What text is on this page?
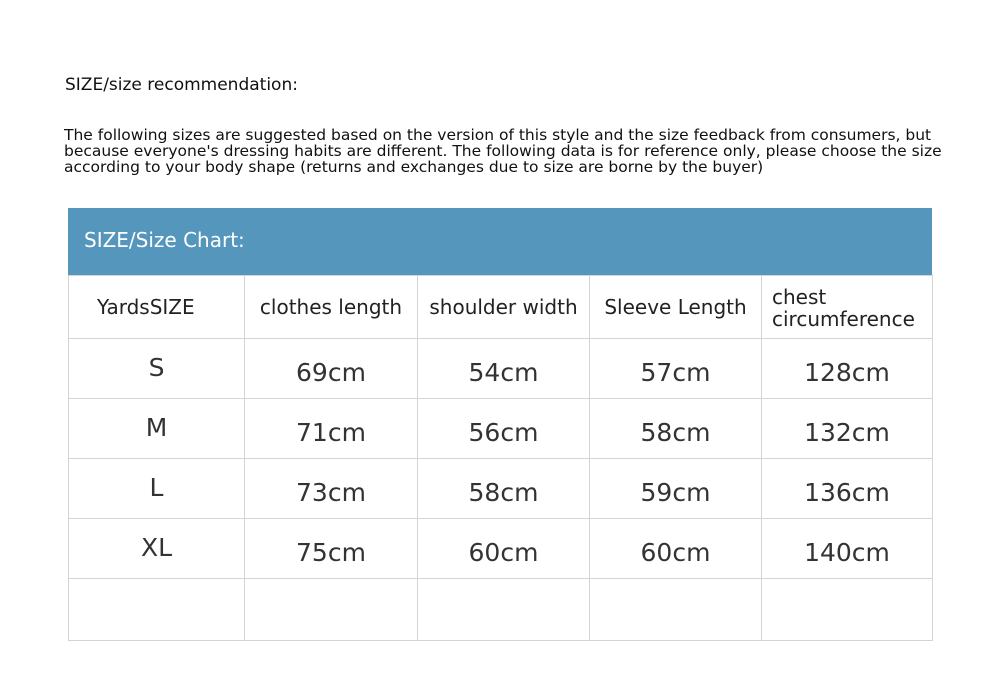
SIZE/size recommendation:
The following sizes are suggested based on the version of this style and the size feedback from consumers, but because everyone's dressing habits are different. The following data is for reference only, please choose the size according to your body shape (returns and exchanges due to size are borne by the buyer)
SIZE/Size Chart:
YardsSIZE	clothes length	shoulder width	Sleeve Length	chest circumference
S	69cm	54cm	57cm	128cm
M	71cm	56cm	58cm	132cm
L	73cm	58cm	59cm	136cm
XL	75cm	60cm	60cm	140cm
